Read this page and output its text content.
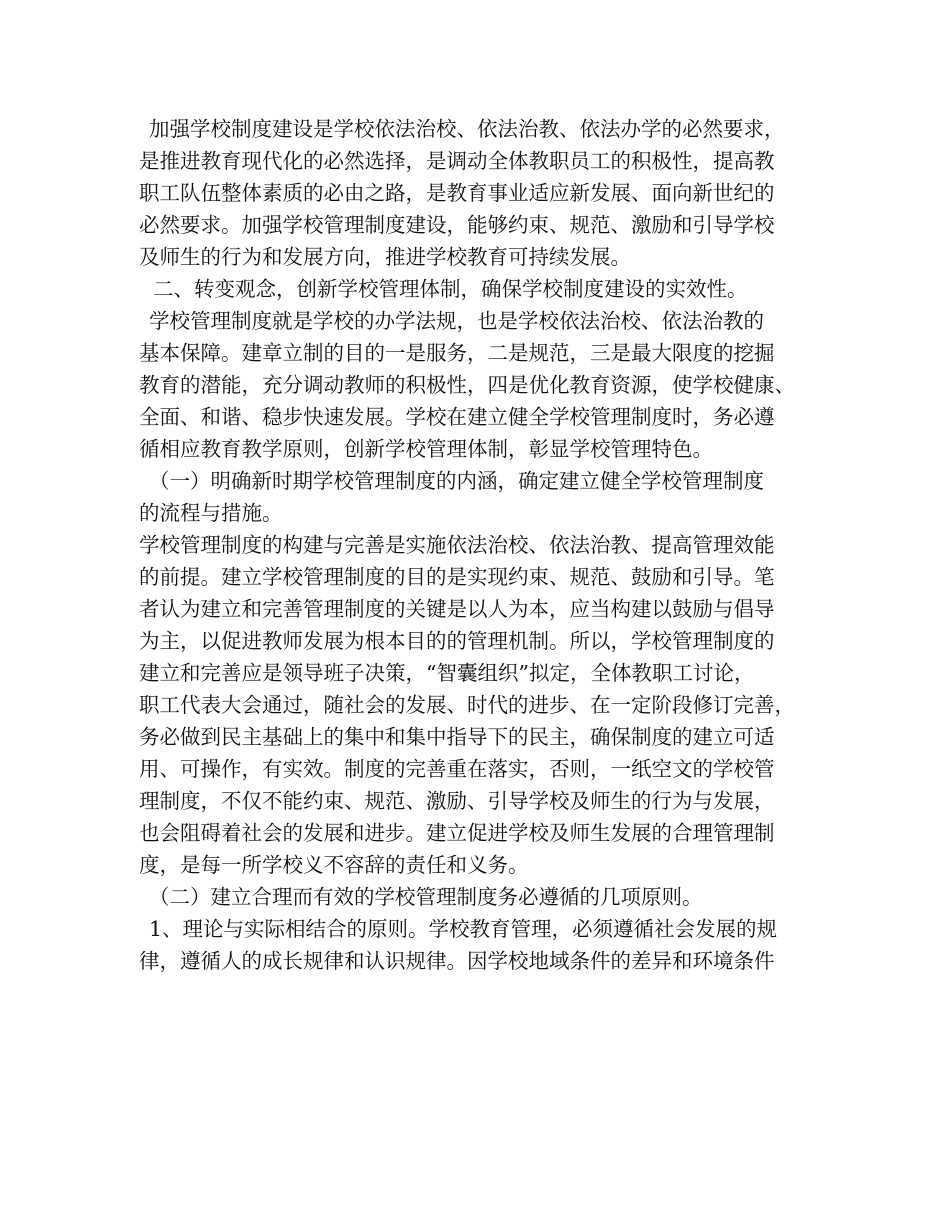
加强学校制度建设是学校依法治校、依法治教、依法办学的必然要求，
是推进教育现代化的必然选择，是调动全体教职员工的积极性，提高教
职工队伍整体素质的必由之路，是教育事业适应新发展、面向新世纪的
必然要求。加强学校管理制度建设，能够约束、规范、激励和引导学校
及师生的行为和发展方向，推进学校教育可持续发展。
二、转变观念，创新学校管理体制，确保学校制度建设的实效性。
学校管理制度就是学校的办学法规，也是学校依法治校、依法治教的
基本保障。建章立制的目的一是服务，二是规范，三是最大限度的挖掘
教育的潜能，充分调动教师的积极性，四是优化教育资源，使学校健康、
全面、和谐、稳步快速发展。学校在建立健全学校管理制度时，务必遵
循相应教育教学原则，创新学校管理体制，彰显学校管理特色。
（一）明确新时期学校管理制度的内涵，确定建立健全学校管理制度
的流程与措施。
学校管理制度的构建与完善是实施依法治校、依法治教、提高管理效能
的前提。建立学校管理制度的目的是实现约束、规范、鼓励和引导。笔
者认为建立和完善管理制度的关键是以人为本，应当构建以鼓励与倡导
为主，以促进教师发展为根本目的的管理机制。所以，学校管理制度的
建立和完善应是领导班子决策，“智囊组织”拟定，全体教职工讨论，
职工代表大会通过，随社会的发展、时代的进步、在一定阶段修订完善，
务必做到民主基础上的集中和集中指导下的民主，确保制度的建立可适
用、可操作，有实效。制度的完善重在落实，否则，一纸空文的学校管
理制度，不仅不能约束、规范、激励、引导学校及师生的行为与发展，
也会阻碍着社会的发展和进步。建立促进学校及师生发展的合理管理制
度，是每一所学校义不容辞的责任和义务。
（二）建立合理而有效的学校管理制度务必遵循的几项原则。
1、理论与实际相结合的原则。学校教育管理，必须遵循社会发展的规
律，遵循人的成长规律和认识规律。因学校地域条件的差异和环境条件
